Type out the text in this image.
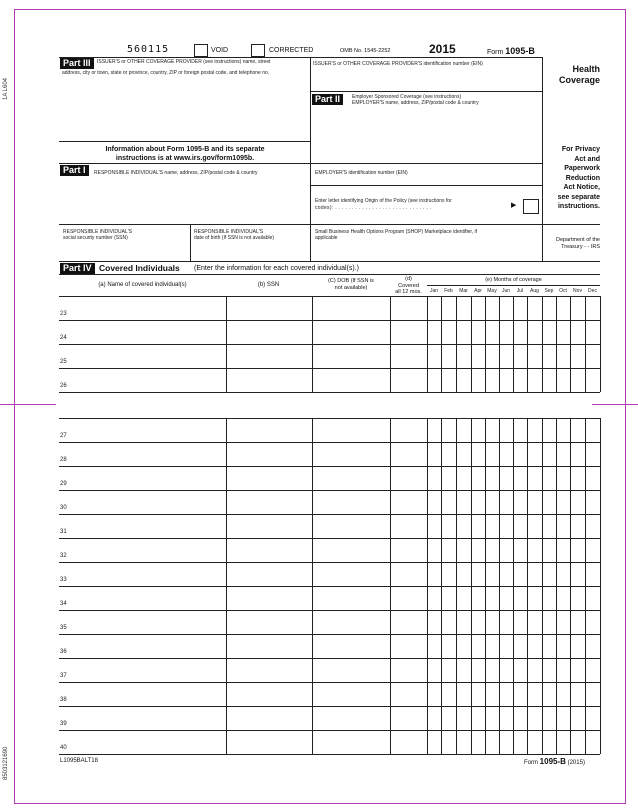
1A L604
8503121690
560115	VOID	CORRECTED	OMB No. 1545-2252	2015	Form 1095-B
Health
Coverage
For Privacy
Act and
Paperwork
Reduction
Act Notice,
see separate
instructions.
Department of the
Treasury - - IRS
Part III	ISSUER'S or OTHER COVERAGE PROVIDER (see instructions) name, street
address, city or town, state or province, country, ZIP or foreign postal code, and telephone no.
ISSUER'S or OTHER COVERAGE PROVIDER'S identification number (EIN)
Part II	Employer Sponsored Coverage (see instructions)
EMPLOYER'S name, address, ZIP/postal code & country
EMPLOYER'S identification number (EIN)
Information about Form 1095-B and its separate
instructions is at www.irs.gov/form1095b.
Part I	RESPONSIBLE INDIVIDUAL'S name, address, ZIP/postal code & country
Enter letter identifying Origin of the Policy (see instructions for
codes): . . . . . . . . . . . . . . . . . . . . . . . . . . . . .	▶
RESPONSIBLE INDIVIDUAL'S
social security number (SSN)
RESPONSIBLE INDIVIDUAL'S
date of birth (If SSN is not available)
Small Business Health Options Program (SHOP) Marketplace identifier, if
applicable
Part IV Covered Individuals (Enter the information for each covered individual(s).)
(a) Name of covered individual(s)	(b) SSN
(C) DOB (If SSN is
not available)
(d)
Covered
all 12 mos.
(e) Months of coverage
Jan	Feb	Mar	Apr	May	Jun	Jul	Aug	Sep	Oct	Nov	Dec
23
24
25
26
27
28
29
30
31
32
33
34
35
36
37
38
39
40
L1095BALT18	Form 1095-B (2015)
